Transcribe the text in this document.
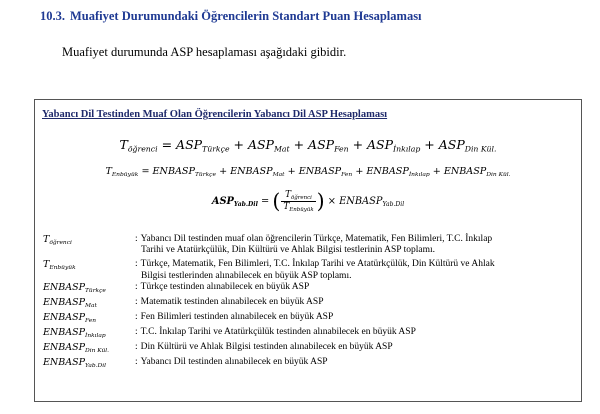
10.3. Muafiyet Durumundaki Öğrencilerin Standart Puan Hesaplaması
Muafiyet durumunda ASP hesaplaması aşağıdaki gibidir.
Yabancı Dil Testinden Muaf Olan Öğrencilerin Yabancı Dil ASP Hesaplaması
$T_{öğrenci} = ASP_{Türkçe} + ASP_{Mat} + ASP_{Fen} + ASP_{İnkılap} + ASP_{Din Kül.}$
$T_{Enbüyük}$ = $ENBASP_{Türkçe}$ + $ENBASP_{Mat}$ + $ENBASP_{Fen}$ + $ENBASP_{İnkılap}$ + $ENBASP_{Din Kül.}$
$ASP_{Yab.Dil}$ = ( $\frac{T_{öğrenci}}{T_{Enbüyük}}$ ) × $ENBASP_{Yab.Dil}$
$T_{öğrenci}$	: Yabancı Dil testinden muaf olan öğrencilerin Türkçe, Matematik, Fen Bilimleri, T.C. İnkılap
Tarihi ve Atatürkçülük, Din Kültürü ve Ahlak Bilgisi testlerinin ASP toplamı.
$T_{Enbüyük}$	: Türkçe, Matematik, Fen Bilimleri, T.C. İnkılap Tarihi ve Atatürkçülük, Din Kültürü ve Ahlak
Bilgisi testlerinden alınabilecek en büyük ASP toplamı.
$ENBASP_{Türkçe}$	: Türkçe testinden alınabilecek en büyük ASP
$ENBASP_{Mat}$	: Matematik testinden alınabilecek en büyük ASP
$ENBASP_{Fen}$	: Fen Bilimleri testinden alınabilecek en büyük ASP
$ENBASP_{İnkılap}$	: T.C. İnkılap Tarihi ve Atatürkçülük testinden alınabilecek en büyük ASP
$ENBASP_{Din Kül.}$	: Din Kültürü ve Ahlak Bilgisi testinden alınabilecek en büyük ASP
$ENBASP_{Yab.Dil}$	: Yabancı Dil testinden alınabilecek en büyük ASP
